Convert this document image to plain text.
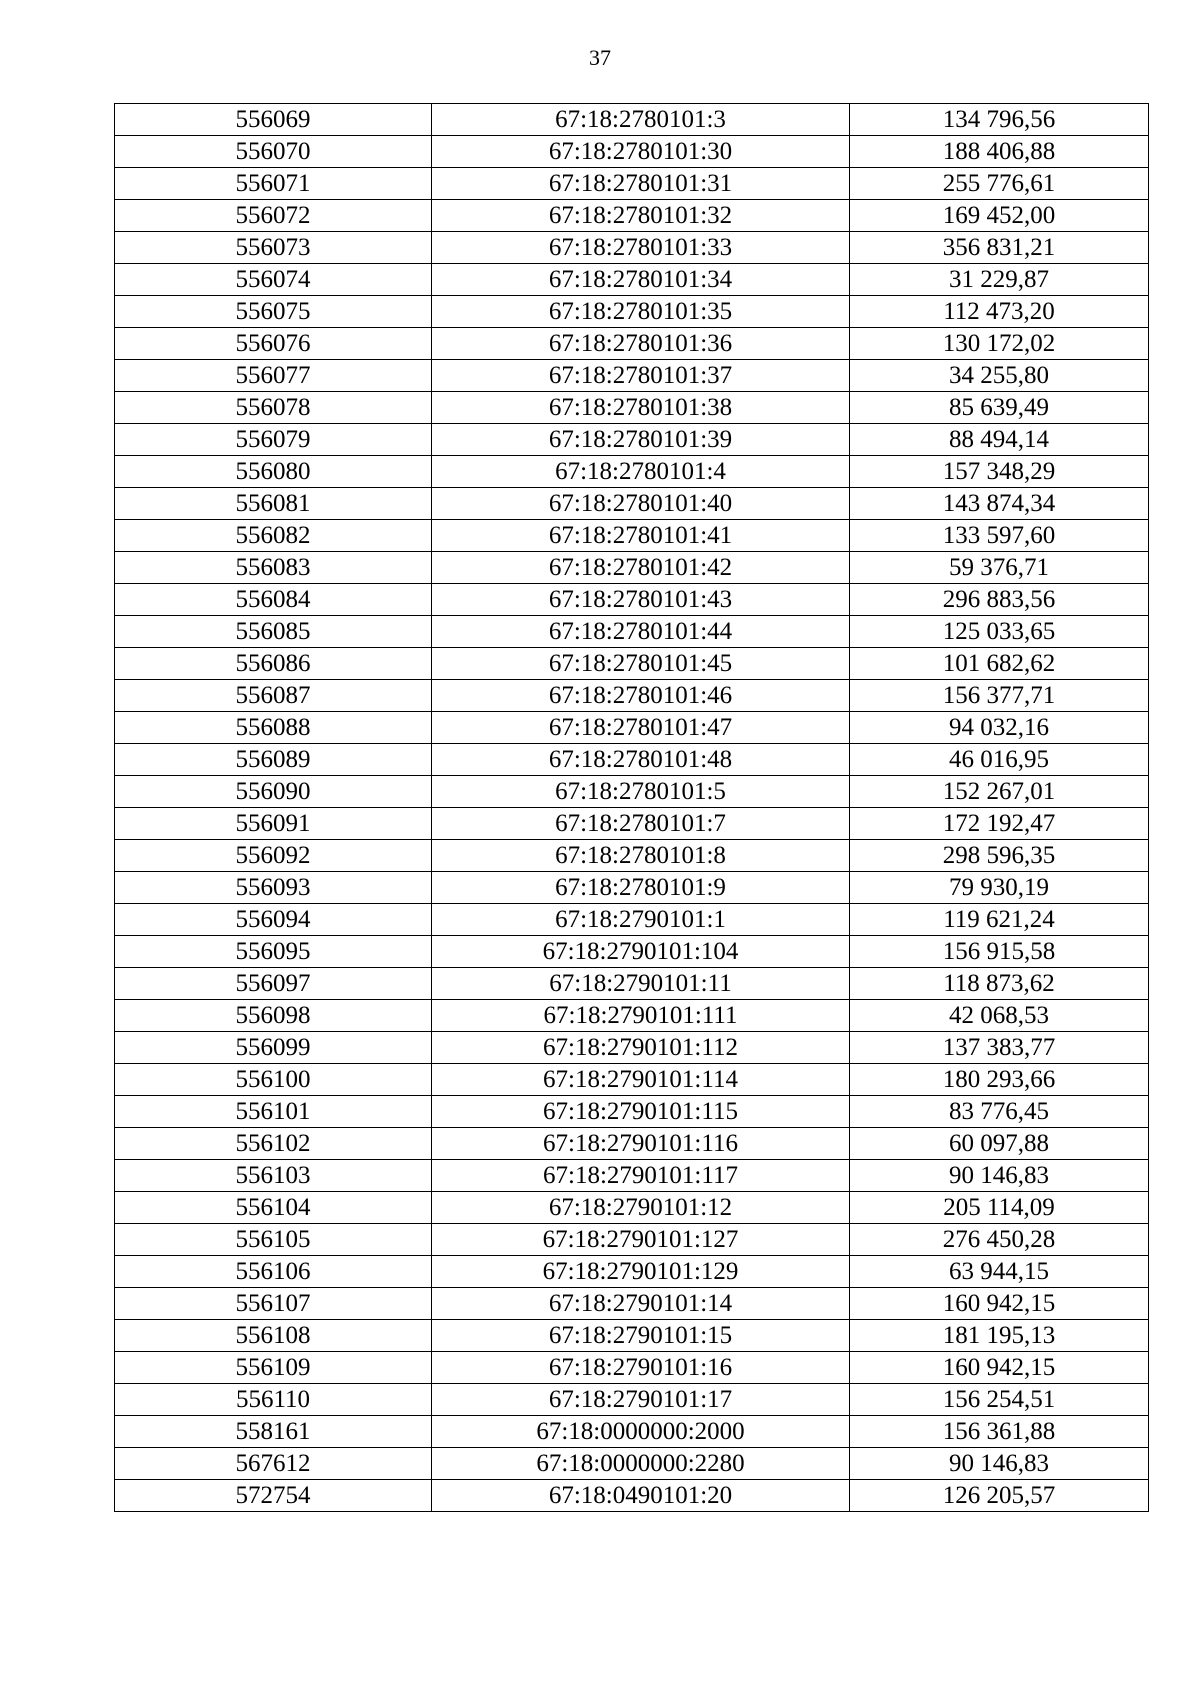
37
556069	67:18:2780101:3	134 796,56
556070	67:18:2780101:30	188 406,88
556071	67:18:2780101:31	255 776,61
556072	67:18:2780101:32	169 452,00
556073	67:18:2780101:33	356 831,21
556074	67:18:2780101:34	31 229,87
556075	67:18:2780101:35	112 473,20
556076	67:18:2780101:36	130 172,02
556077	67:18:2780101:37	34 255,80
556078	67:18:2780101:38	85 639,49
556079	67:18:2780101:39	88 494,14
556080	67:18:2780101:4	157 348,29
556081	67:18:2780101:40	143 874,34
556082	67:18:2780101:41	133 597,60
556083	67:18:2780101:42	59 376,71
556084	67:18:2780101:43	296 883,56
556085	67:18:2780101:44	125 033,65
556086	67:18:2780101:45	101 682,62
556087	67:18:2780101:46	156 377,71
556088	67:18:2780101:47	94 032,16
556089	67:18:2780101:48	46 016,95
556090	67:18:2780101:5	152 267,01
556091	67:18:2780101:7	172 192,47
556092	67:18:2780101:8	298 596,35
556093	67:18:2780101:9	79 930,19
556094	67:18:2790101:1	119 621,24
556095	67:18:2790101:104	156 915,58
556097	67:18:2790101:11	118 873,62
556098	67:18:2790101:111	42 068,53
556099	67:18:2790101:112	137 383,77
556100	67:18:2790101:114	180 293,66
556101	67:18:2790101:115	83 776,45
556102	67:18:2790101:116	60 097,88
556103	67:18:2790101:117	90 146,83
556104	67:18:2790101:12	205 114,09
556105	67:18:2790101:127	276 450,28
556106	67:18:2790101:129	63 944,15
556107	67:18:2790101:14	160 942,15
556108	67:18:2790101:15	181 195,13
556109	67:18:2790101:16	160 942,15
556110	67:18:2790101:17	156 254,51
558161	67:18:0000000:2000	156 361,88
567612	67:18:0000000:2280	90 146,83
572754	67:18:0490101:20	126 205,57
